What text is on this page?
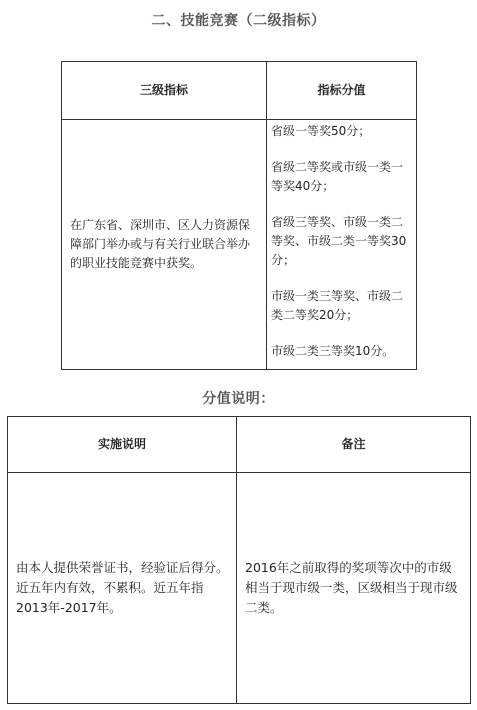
二、技能竞赛（二级指标）
三级指标	指标分值
在广东省、深圳市、区人力资源保障部门举办或与有关行业联合举办的职业技能竞赛中获奖。	省级一等奖50分；
省级二等奖或市级一类一等奖40分；
省级三等奖、市级一类二等奖、市级二类一等奖30分；
市级一类三等奖、市级二类二等奖20分；
市级二类三等奖10分。
分值说明：
实施说明	备注
由本人提供荣誉证书，经验证后得分。近五年内有效，不累积。近五年指2013年-2017年。	2016年之前取得的奖项等次中的市级相当于现市级一类，区级相当于现市级二类。
